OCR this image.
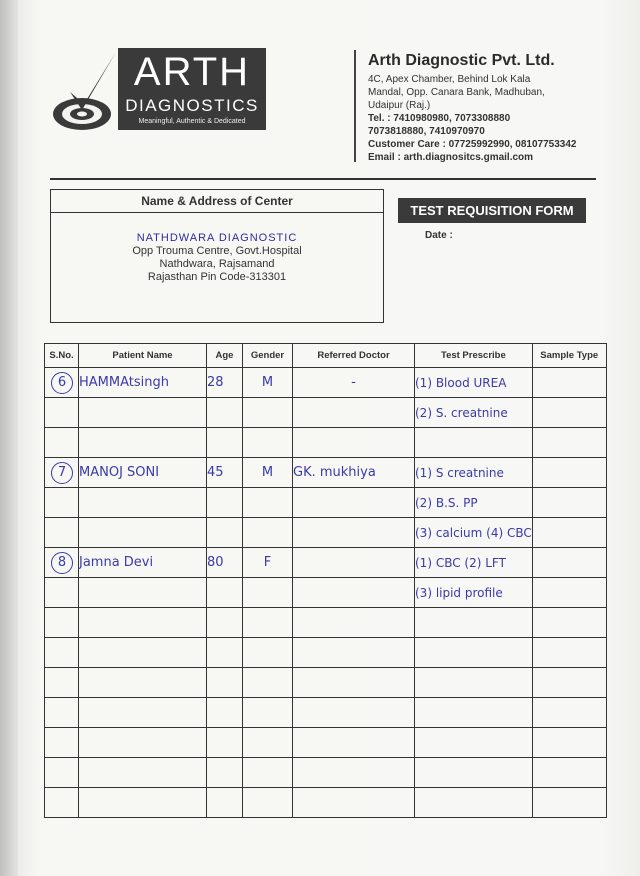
ARTH
DIAGNOSTICS
Meaningful, Authentic & Dedicated
Arth Diagnostic Pvt. Ltd.
4C, Apex Chamber, Behind Lok Kala
Mandal, Opp. Canara Bank, Madhuban,
Udaipur (Raj.)
Tel. : 7410980980, 7073308880
7073818880, 7410970970
Customer Care : 07725992990, 08107753342
Email : arth.diagnositcs.gmail.com
Name & Address of Center
NATHDWARA DIAGNOSTIC
Opp Trouma Centre, Govt.Hospital
Nathdwara, Rajsamand
Rajasthan Pin Code-313301
TEST REQUISITION FORM
Date :
S.No.	Patient Name	Age	Gender	Referred Doctor	Test Prescribe	Sample Type
6	HAMMAtsingh	28	M	-	(1) Blood UREA	
					(2) S. creatnine	

7	MANOJ SONI	45	M	GK. mukhiya	(1) S creatnine	
					(2) B.S. PP	
					(3) calcium (4) CBC	
8	Jamna Devi	80	F		(1) CBC (2) LFT	
					(3) lipid profile	
